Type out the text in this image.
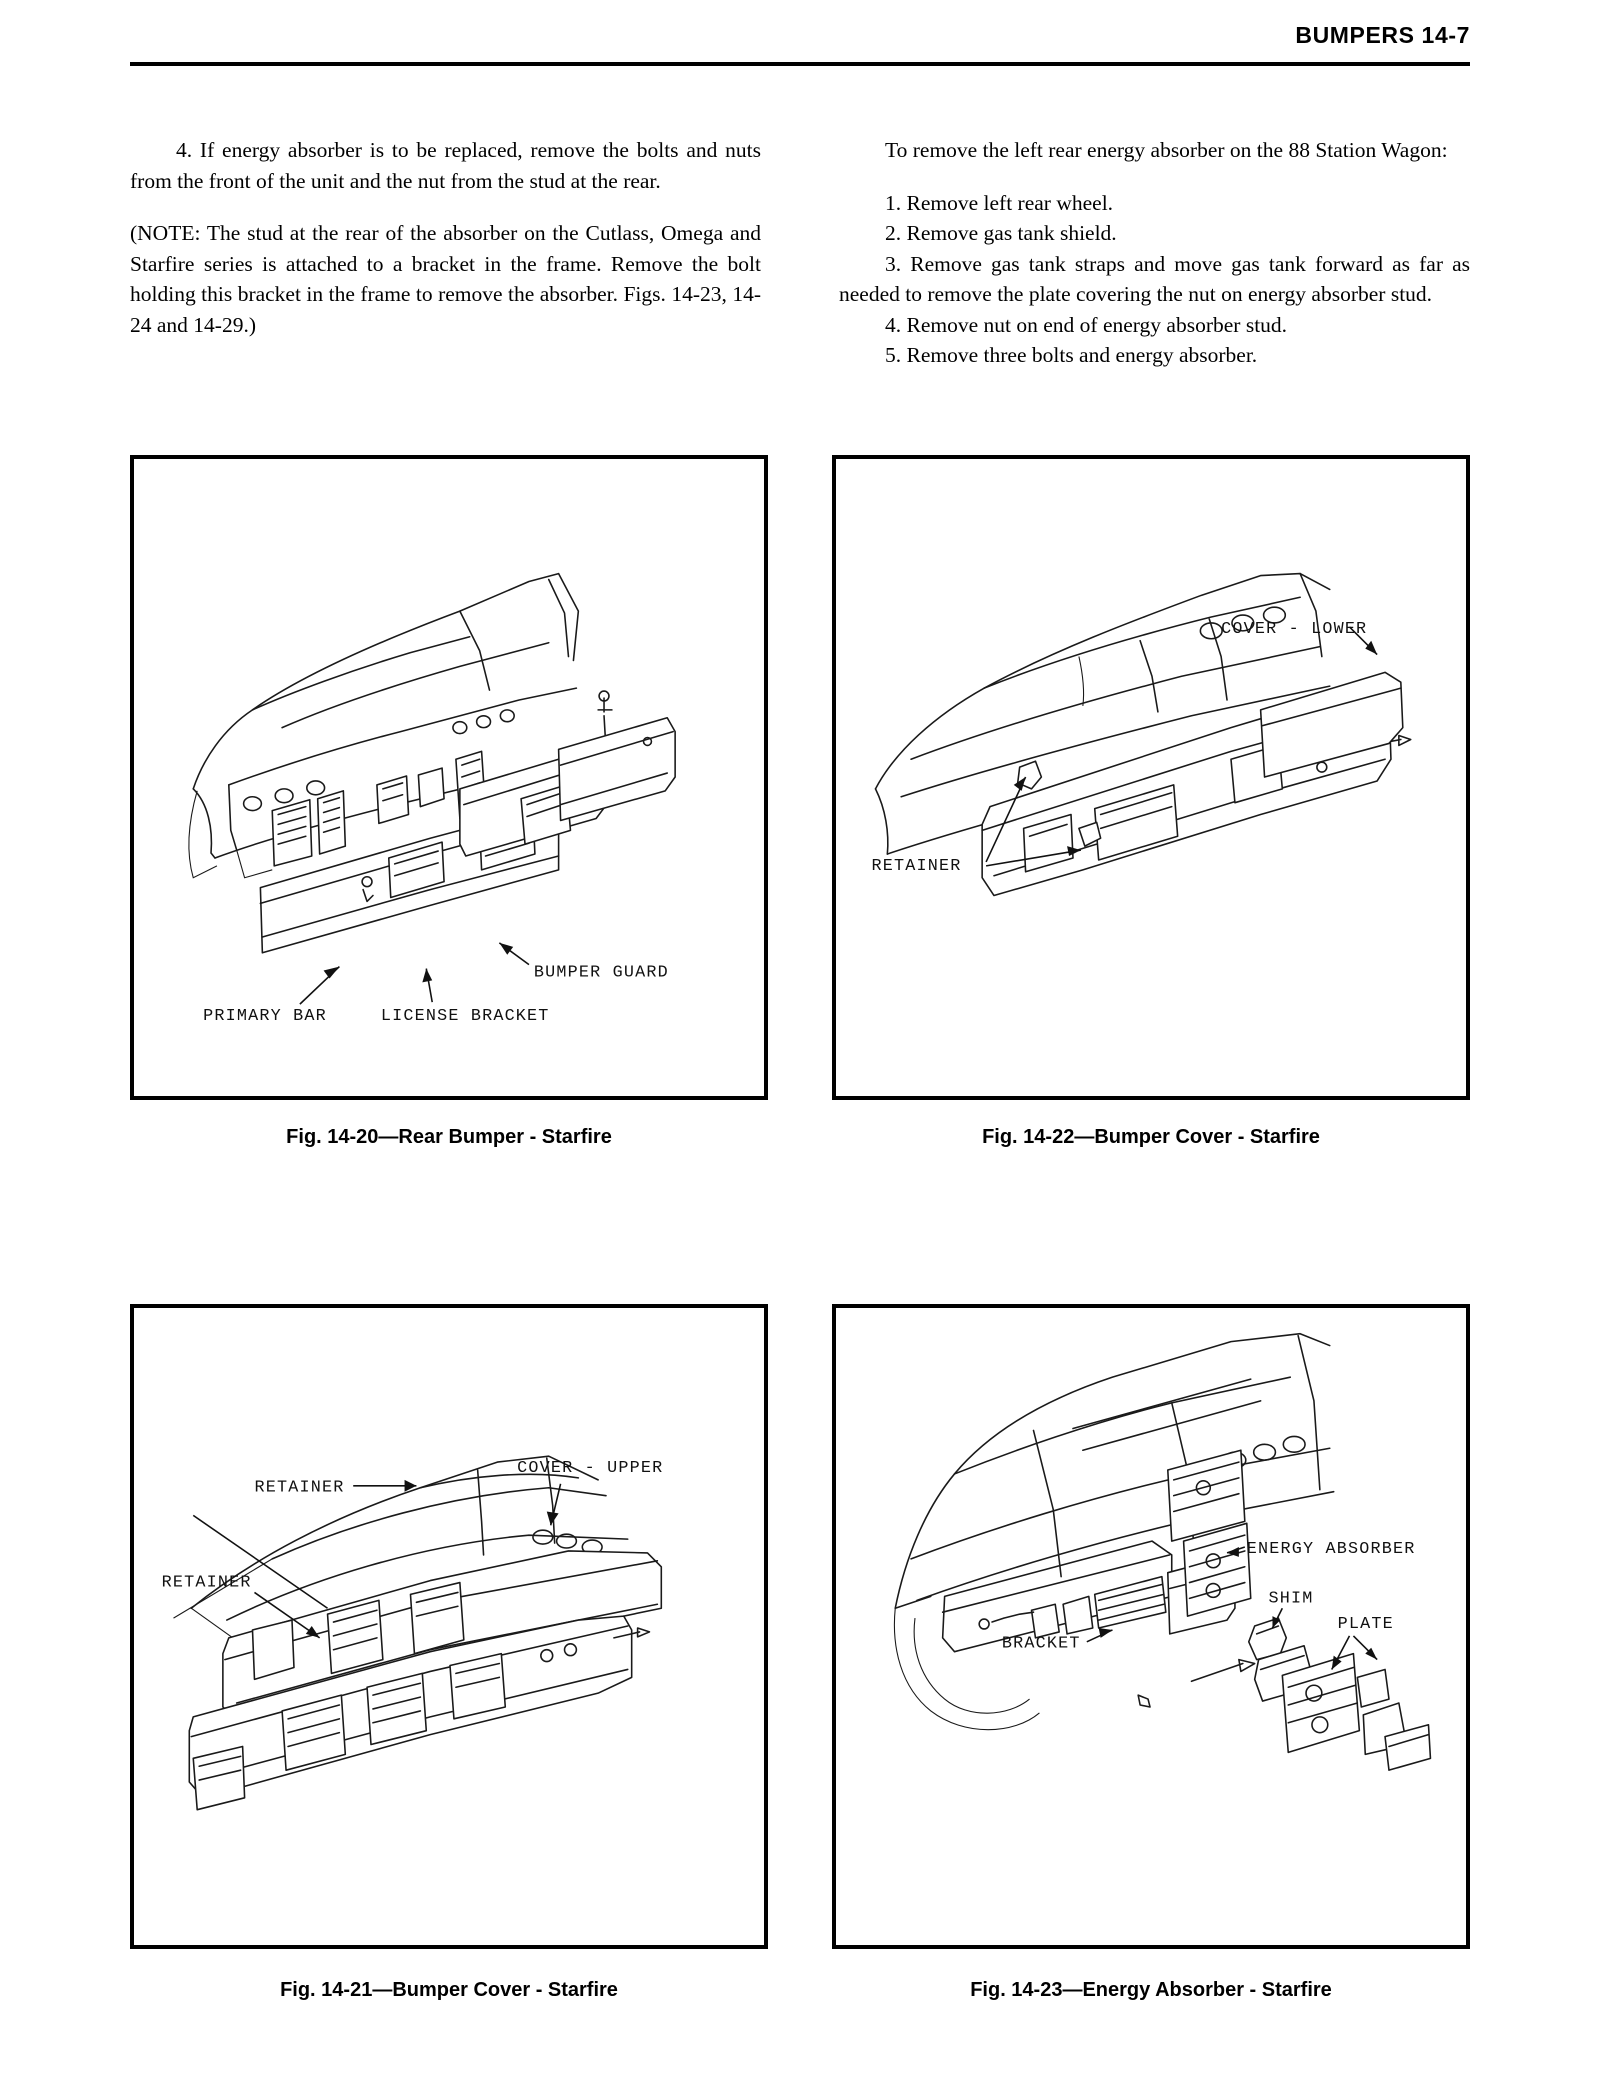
BUMPERS 14-7

4. If energy absorber is to be replaced, remove the bolts and nuts from the front of the unit and the nut from the stud at the rear.

(NOTE: The stud at the rear of the absorber on the Cutlass, Omega and Starfire series is attached to a bracket in the frame. Remove the bolt holding this bracket in the frame to remove the absorber. Figs. 14-23, 14-24 and 14-29.)

To remove the left rear energy absorber on the 88 Station Wagon:

1. Remove left rear wheel.
2. Remove gas tank shield.
3. Remove gas tank straps and move gas tank forward as far as needed to remove the plate covering the nut on energy absorber stud.
4. Remove nut on end of energy absorber stud.
5. Remove three bolts and energy absorber.
BUMPER GUARD
PRIMARY BAR	LICENSE BRACKET
Fig. 14-20—Rear Bumper - Starfire
COVER - LOWER
RETAINER
Fig. 14-22—Bumper Cover - Starfire
RETAINER
COVER - UPPER
RETAINER
Fig. 14-21—Bumper Cover - Starfire
ENERGY ABSORBER
BRACKET
SHIM
PLATE
Fig. 14-23—Energy Absorber - Starfire
